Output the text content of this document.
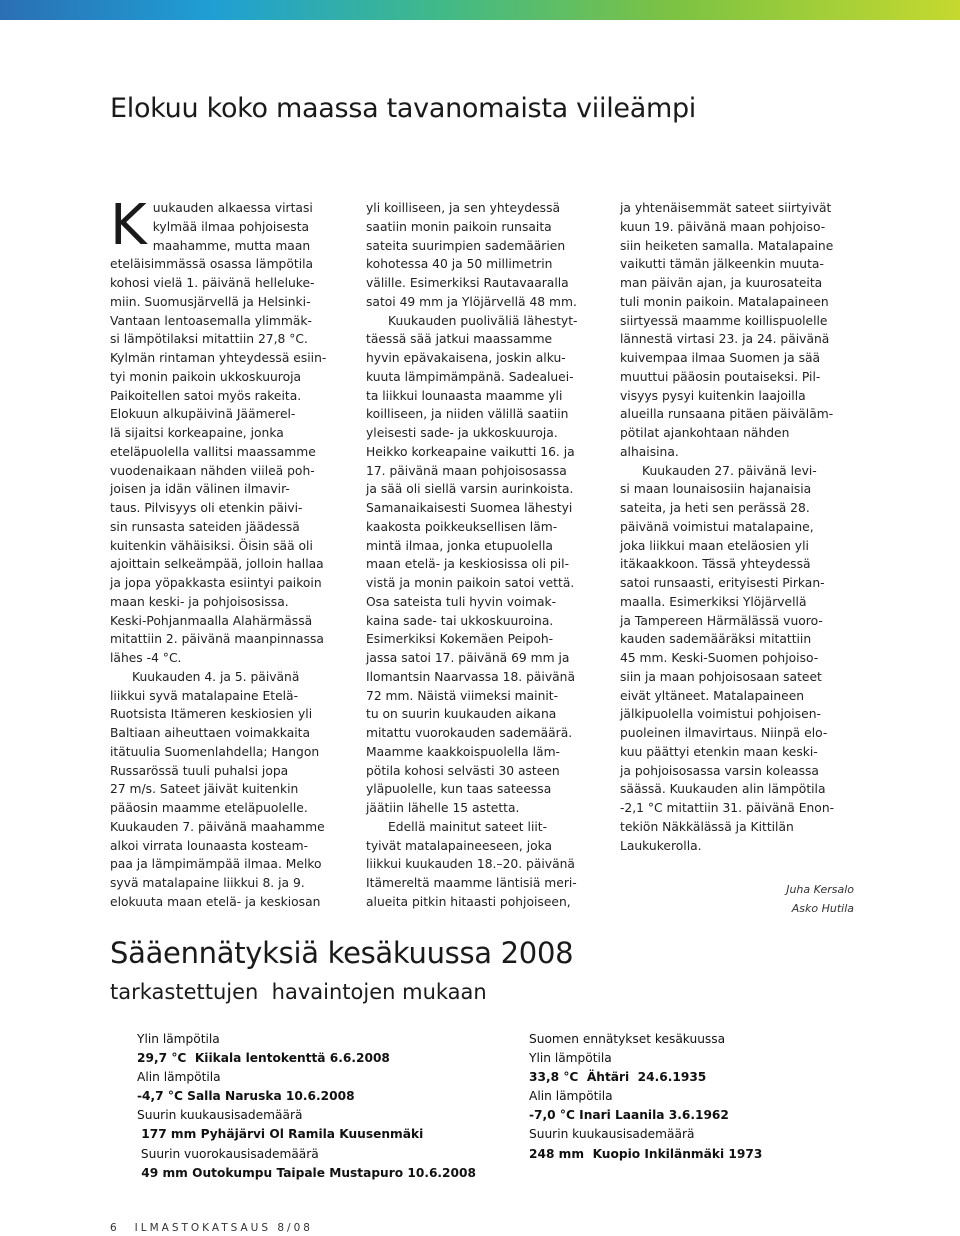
Elokuu koko maassa tavanomaista viileämpi
K uukauden alkaessa virtasi
kylmää ilmaa pohjoisesta
maahamme, mutta maan
eteläisimmässä osassa lämpötila
kohosi vielä 1. päivänä helleluke-
miin. Suomusjärvellä ja Helsinki-
Vantaan lentoasemalla ylimmäk-
si lämpötilaksi mitattiin 27,8 °C.
Kylmän rintaman yhteydessä esiin-
tyi monin paikoin ukkoskuuroja
Paikoitellen satoi myös rakeita.
Elokuun alkupäivinä Jäämerel-
lä sijaitsi korkeapaine, jonka
eteläpuolella vallitsi maassamme
vuodenaikaan nähden viileä poh-
joisen ja idän välinen ilmavir-
taus. Pilvisyys oli etenkin päivi-
sin runsasta sateiden jäädessä
kuitenkin vähäisiksi. Öisin sää oli
ajoittain selkeämpää, jolloin hallaa
ja jopa yöpakkasta esiintyi paikoin
maan keski- ja pohjoisosissa.
Keski-Pohjanmaalla Alahärmässä
mitattiin 2. päivänä maanpinnassa
lähes -4 °C.
Kuukauden 4. ja 5. päivänä
liikkui syvä matalapaine Etelä-
Ruotsista Itämeren keskiosien yli
Baltiaan aiheuttaen voimakkaita
itätuulia Suomenlahdella; Hangon
Russarössä tuuli puhalsi jopa
27 m/s. Sateet jäivät kuitenkin
pääosin maamme eteläpuolelle.
Kuukauden 7. päivänä maahamme
alkoi virrata lounaasta kosteam-
paa ja lämpimämpää ilmaa. Melko
syvä matalapaine liikkui 8. ja 9.
elokuuta maan etelä- ja keskiosan
yli koilliseen, ja sen yhteydessä
saatiin monin paikoin runsaita
sateita suurimpien sademäärien
kohotessa 40 ja 50 millimetrin
välille. Esimerkiksi Rautavaaralla
satoi 49 mm ja Ylöjärvellä 48 mm.
Kuukauden puoliväliä lähestyt-
täessä sää jatkui maassamme
hyvin epävakaisena, joskin alku-
kuuta lämpimämpänä. Sadealuei-
ta liikkui lounaasta maamme yli
koilliseen, ja niiden välillä saatiin
yleisesti sade- ja ukkoskuuroja.
Heikko korkeapaine vaikutti 16. ja
17. päivänä maan pohjoisosassa
ja sää oli siellä varsin aurinkoista.
Samanaikaisesti Suomea lähestyi
kaakosta poikkeuksellisen läm-
mintä ilmaa, jonka etupuolella
maan etelä- ja keskiosissa oli pil-
vistä ja monin paikoin satoi vettä.
Osa sateista tuli hyvin voimak-
kaina sade- tai ukkoskuuroina.
Esimerkiksi Kokemäen Peipoh-
jassa satoi 17. päivänä 69 mm ja
Ilomantsin Naarvassa 18. päivänä
72 mm. Näistä viimeksi mainit-
tu on suurin kuukauden aikana
mitattu vuorokauden sademäärä.
Maamme kaakkoispuolella läm-
pötila kohosi selvästi 30 asteen
yläpuolelle, kun taas sateessa
jäätiin lähelle 15 astetta.
Edellä mainitut sateet liit-
tyivät matalapaineeseen, joka
liikkui kuukauden 18.–20. päivänä
Itämereltä maamme läntisiä meri-
alueita pitkin hitaasti pohjoiseen,
ja yhtenäisemmät sateet siirtyivät
kuun 19. päivänä maan pohjoiso-
siin heiketen samalla. Matalapaine
vaikutti tämän jälkeenkin muuta-
man päivän ajan, ja kuurosateita
tuli monin paikoin. Matalapaineen
siirtyessä maamme koillispuolelle
lännestä virtasi 23. ja 24. päivänä
kuivempaa ilmaa Suomen ja sää
muuttui pääosin poutaiseksi. Pil-
visyys pysyi kuitenkin laajoilla
alueilla runsaana pitäen päivälām-
pötilat ajankohtaan nähden
alhaisina.
Kuukauden 27. päivänä levi-
si maan lounaisosiin hajanaisia
sateita, ja heti sen perässä 28.
päivänä voimistui matalapaine,
joka liikkui maan eteläosien yli
itäkaakkoon. Tässä yhteydessä
satoi runsaasti, erityisesti Pirkan-
maalla. Esimerkiksi Ylöjärvellä
ja Tampereen Härmälässä vuoro-
kauden sademääräksi mitattiin
45 mm. Keski-Suomen pohjoiso-
siin ja maan pohjoisosaan sateet
eivät yltäneet. Matalapaineen
jälkipuolella voimistui pohjoisen-
puoleinen ilmavirtaus. Niinpä elo-
kuu päättyi etenkin maan keski-
ja pohjoisosassa varsin koleassa
säässä. Kuukauden alin lämpötila
-2,1 °C mitattiin 31. päivänä Enon-
tekiön Näkkälässä ja Kittilän
Laukukerolla.
Juha Kersalo
Asko Hutila
Sääennätyksiä kesäkuussa 2008
tarkastettujen  havaintojen mukaan
Ylin lämpötila
29,7 °C  Kiikala lentokenttä 6.6.2008
Alin lämpötila
-4,7 °C Salla Naruska 10.6.2008
Suurin kuukausisademäärä
177 mm Pyhäjärvi Ol Ramila Kuusenmäki
Suurin vuorokausisademäärä
49 mm Outokumpu Taipale Mustapuro 10.6.2008
Suomen ennätykset kesäkuussa
Ylin lämpötila
33,8 °C  Ähtäri  24.6.1935
Alin lämpötila
-7,0 °C Inari Laanila 3.6.1962
Suurin kuukausisademäärä
248 mm  Kuopio Inkilänmäki 1973
6 ILMASTOKATSAUS 8/08
